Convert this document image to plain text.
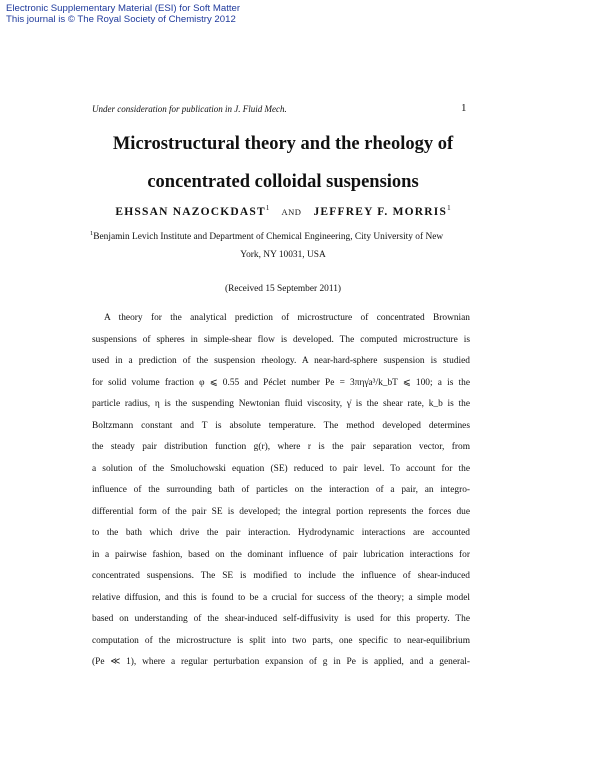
Electronic Supplementary Material (ESI) for Soft Matter
This journal is © The Royal Society of Chemistry 2012
Under consideration for publication in J. Fluid Mech.	1
Microstructural theory and the rheology of
concentrated colloidal suspensions
EHSSAN NAZOCKDAST$^1$ AND JEFFREY F. MORRIS$^1$
$^1$Benjamin Levich Institute and Department of Chemical Engineering, City University of New
York, NY 10031, USA
(Received 15 September 2011)
A theory for the analytical prediction of microstructure of concentrated Brownian
suspensions of spheres in simple-shear flow is developed. The computed microstructure is
used in a prediction of the suspension rheology. A near-hard-sphere suspension is studied
for solid volume fraction φ ⩽ 0.55 and Péclet number Pe = 3πηγ̇a³/k_bT ⩽ 100; a is the
particle radius, η is the suspending Newtonian fluid viscosity, γ̇ is the shear rate, k_b is the
Boltzmann constant and T is absolute temperature. The method developed determines
the steady pair distribution function g(r), where r is the pair separation vector, from
a solution of the Smoluchowski equation (SE) reduced to pair level. To account for the
influence of the surrounding bath of particles on the interaction of a pair, an integro-
differential form of the pair SE is developed; the integral portion represents the forces due
to the bath which drive the pair interaction. Hydrodynamic interactions are accounted
in a pairwise fashion, based on the dominant influence of pair lubrication interactions for
concentrated suspensions. The SE is modified to include the influence of shear-induced
relative diffusion, and this is found to be a crucial for success of the theory; a simple model
based on understanding of the shear-induced self-diffusivity is used for this property. The
computation of the microstructure is split into two parts, one specific to near-equilibrium
(Pe ≪ 1), where a regular perturbation expansion of g in Pe is applied, and a general-
